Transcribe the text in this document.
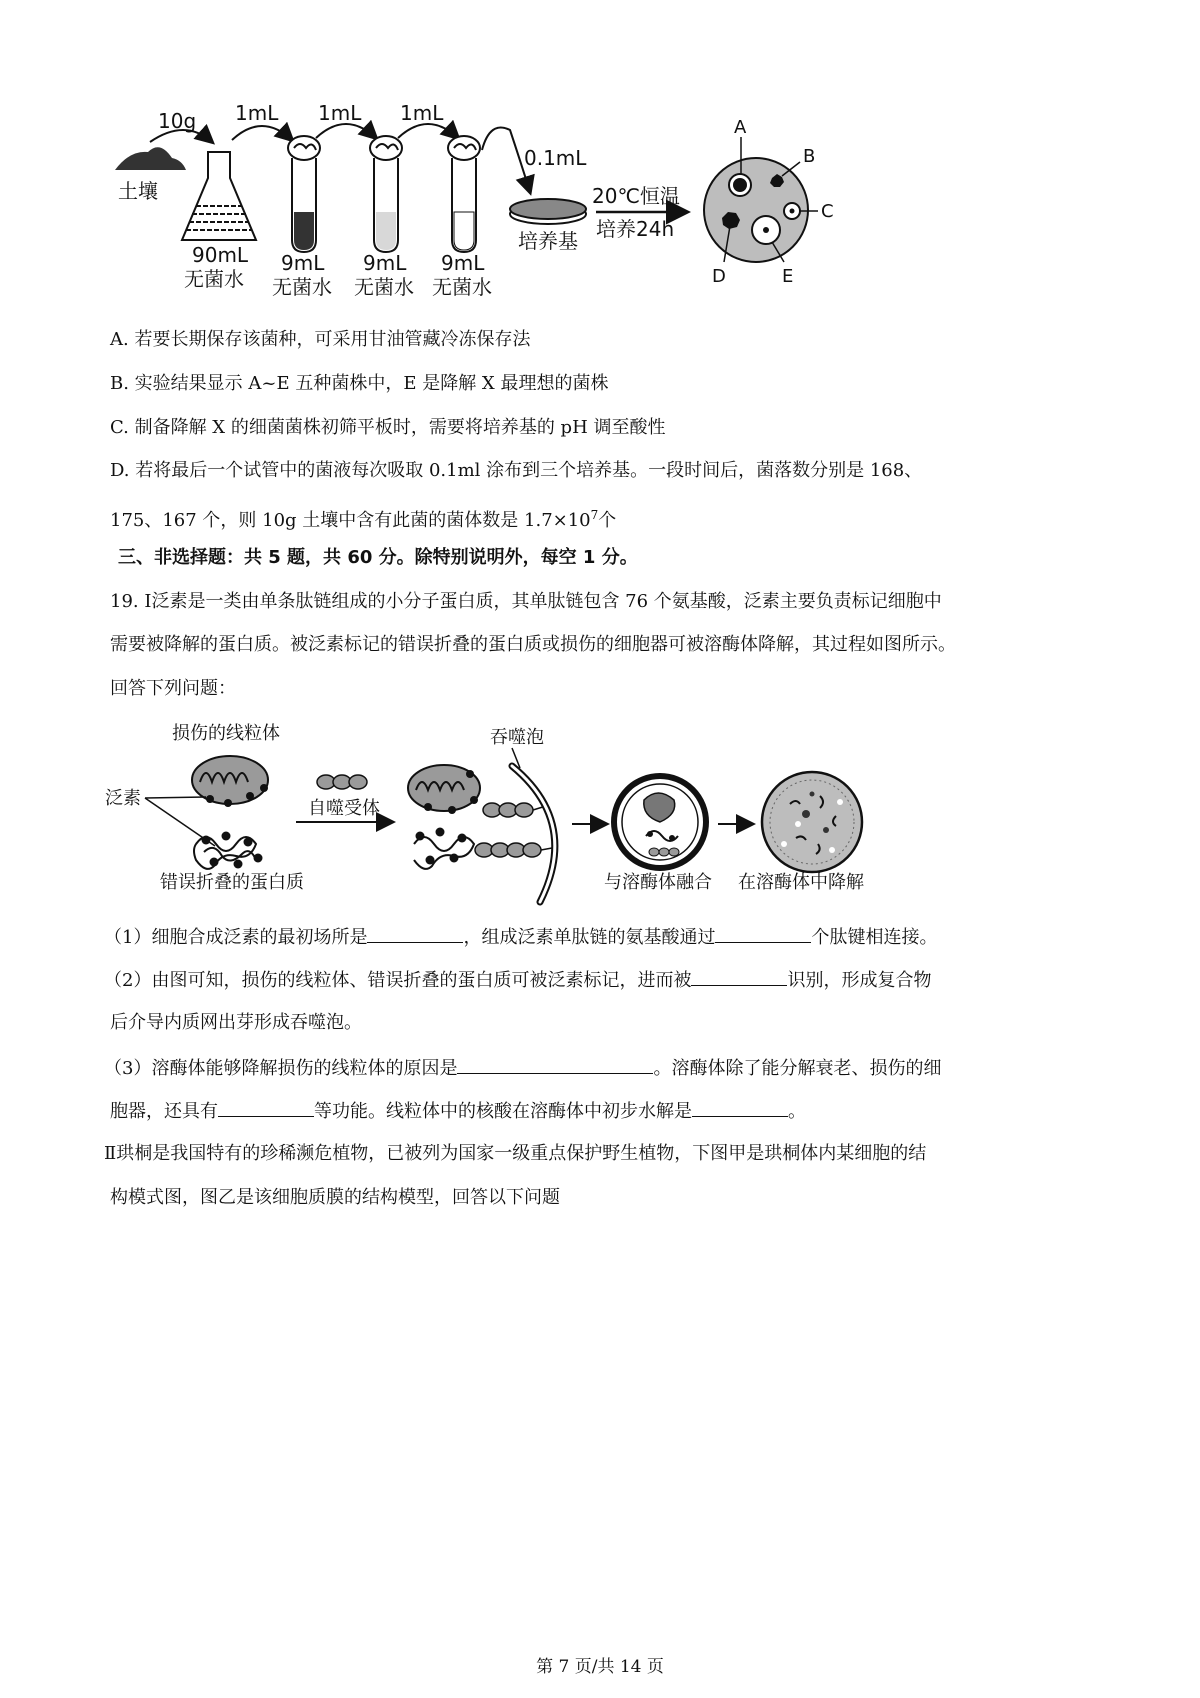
土壤
10g
90mL
无菌水
1mL
9mL
无菌水
1mL
9mL
无菌水
1mL
9mL
无菌水
0.1mL
培养基
20℃恒温
培养24h
A
B
C
D	E
A. 若要长期保存该菌种，可采用甘油管藏冷冻保存法
B. 实验结果显示 A~E 五种菌株中，E 是降解 X 最理想的菌株
C. 制备降解 X 的细菌菌株初筛平板时，需要将培养基的 pH 调至酸性
D. 若将最后一个试管中的菌液每次吸取 0.1ml 涂布到三个培养基。一段时间后，菌落数分别是 168、
175、167 个，则 10g 土壤中含有此菌的菌体数是 $1.7\times 10^7$个
三、非选择题：共 5 题，共 60 分。除特别说明外，每空 1 分。
19. Ⅰ泛素是一类由单条肽链组成的小分子蛋白质，其单肽链包含 76 个氨基酸，泛素主要负责标记细胞中
需要被降解的蛋白质。被泛素标记的错误折叠的蛋白质或损伤的细胞器可被溶酶体降解，其过程如图所示。
回答下列问题：
损伤的线粒体
泛素
错误折叠的蛋白质
自噬受体
吞噬泡
与溶酶体融合 在溶酶体中降解
（1）细胞合成泛素的最初场所是	，组成泛素单肽链的氨基酸通过	个肽键相连接。
（2）由图可知，损伤的线粒体、错误折叠的蛋白质可被泛素标记，进而被	识别，形成复合物
后介导内质网出芽形成吞噬泡。
（3）溶酶体能够降解损伤的线粒体的原因是	。溶酶体除了能分解衰老、损伤的细
胞器，还具有	等功能。线粒体中的核酸在溶酶体中初步水解是	。
Ⅱ珙桐是我国特有的珍稀濒危植物，已被列为国家一级重点保护野生植物，下图甲是珙桐体内某细胞的结
构模式图，图乙是该细胞质膜的结构模型，回答以下问题
第 7 页/共 14 页
